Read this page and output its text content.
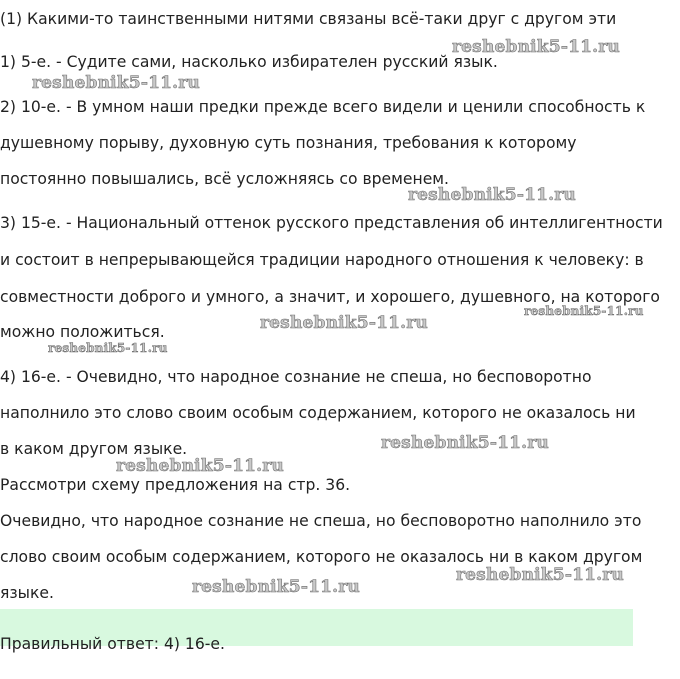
(1) Какими-то таинственными нитями связаны всё-таки друг с другом эти

1) 5-е. - Судите сами, насколько избирателен русский язык.

2) 10-е. - В умном наши предки прежде всего видели и ценили способность к

душевному порыву, духовную суть познания, требования к которому

постоянно повышались, всё усложняясь со временем.

3) 15-е. - Национальный оттенок русского представления об интеллигентности

и состоит в непрерывающейся традиции народного отношения к человеку: в

совместности доброго и умного, а значит, и хорошего, душевного, на которого

можно положиться.

4) 16-е. - Очевидно, что народное сознание не спеша, но бесповоротно

наполнило это слово своим особым содержанием, которого не оказалось ни

в каком другом языке.

Рассмотри схему предложения на стр. 36.

Очевидно, что народное сознание не спеша, но бесповоротно наполнило это

слово своим особым содержанием, которого не оказалось ни в каком другом

языке.

Правильный ответ: 4) 16-е.

reshebnik5-11.ru
reshebnik5-11.ru
reshebnik5-11.ru
reshebnik5-11.ru
reshebnik5-11.ru
reshebnik5-11.ru
reshebnik5-11.ru
reshebnik5-11.ru
reshebnik5-11.ru
reshebnik5-11.ru
